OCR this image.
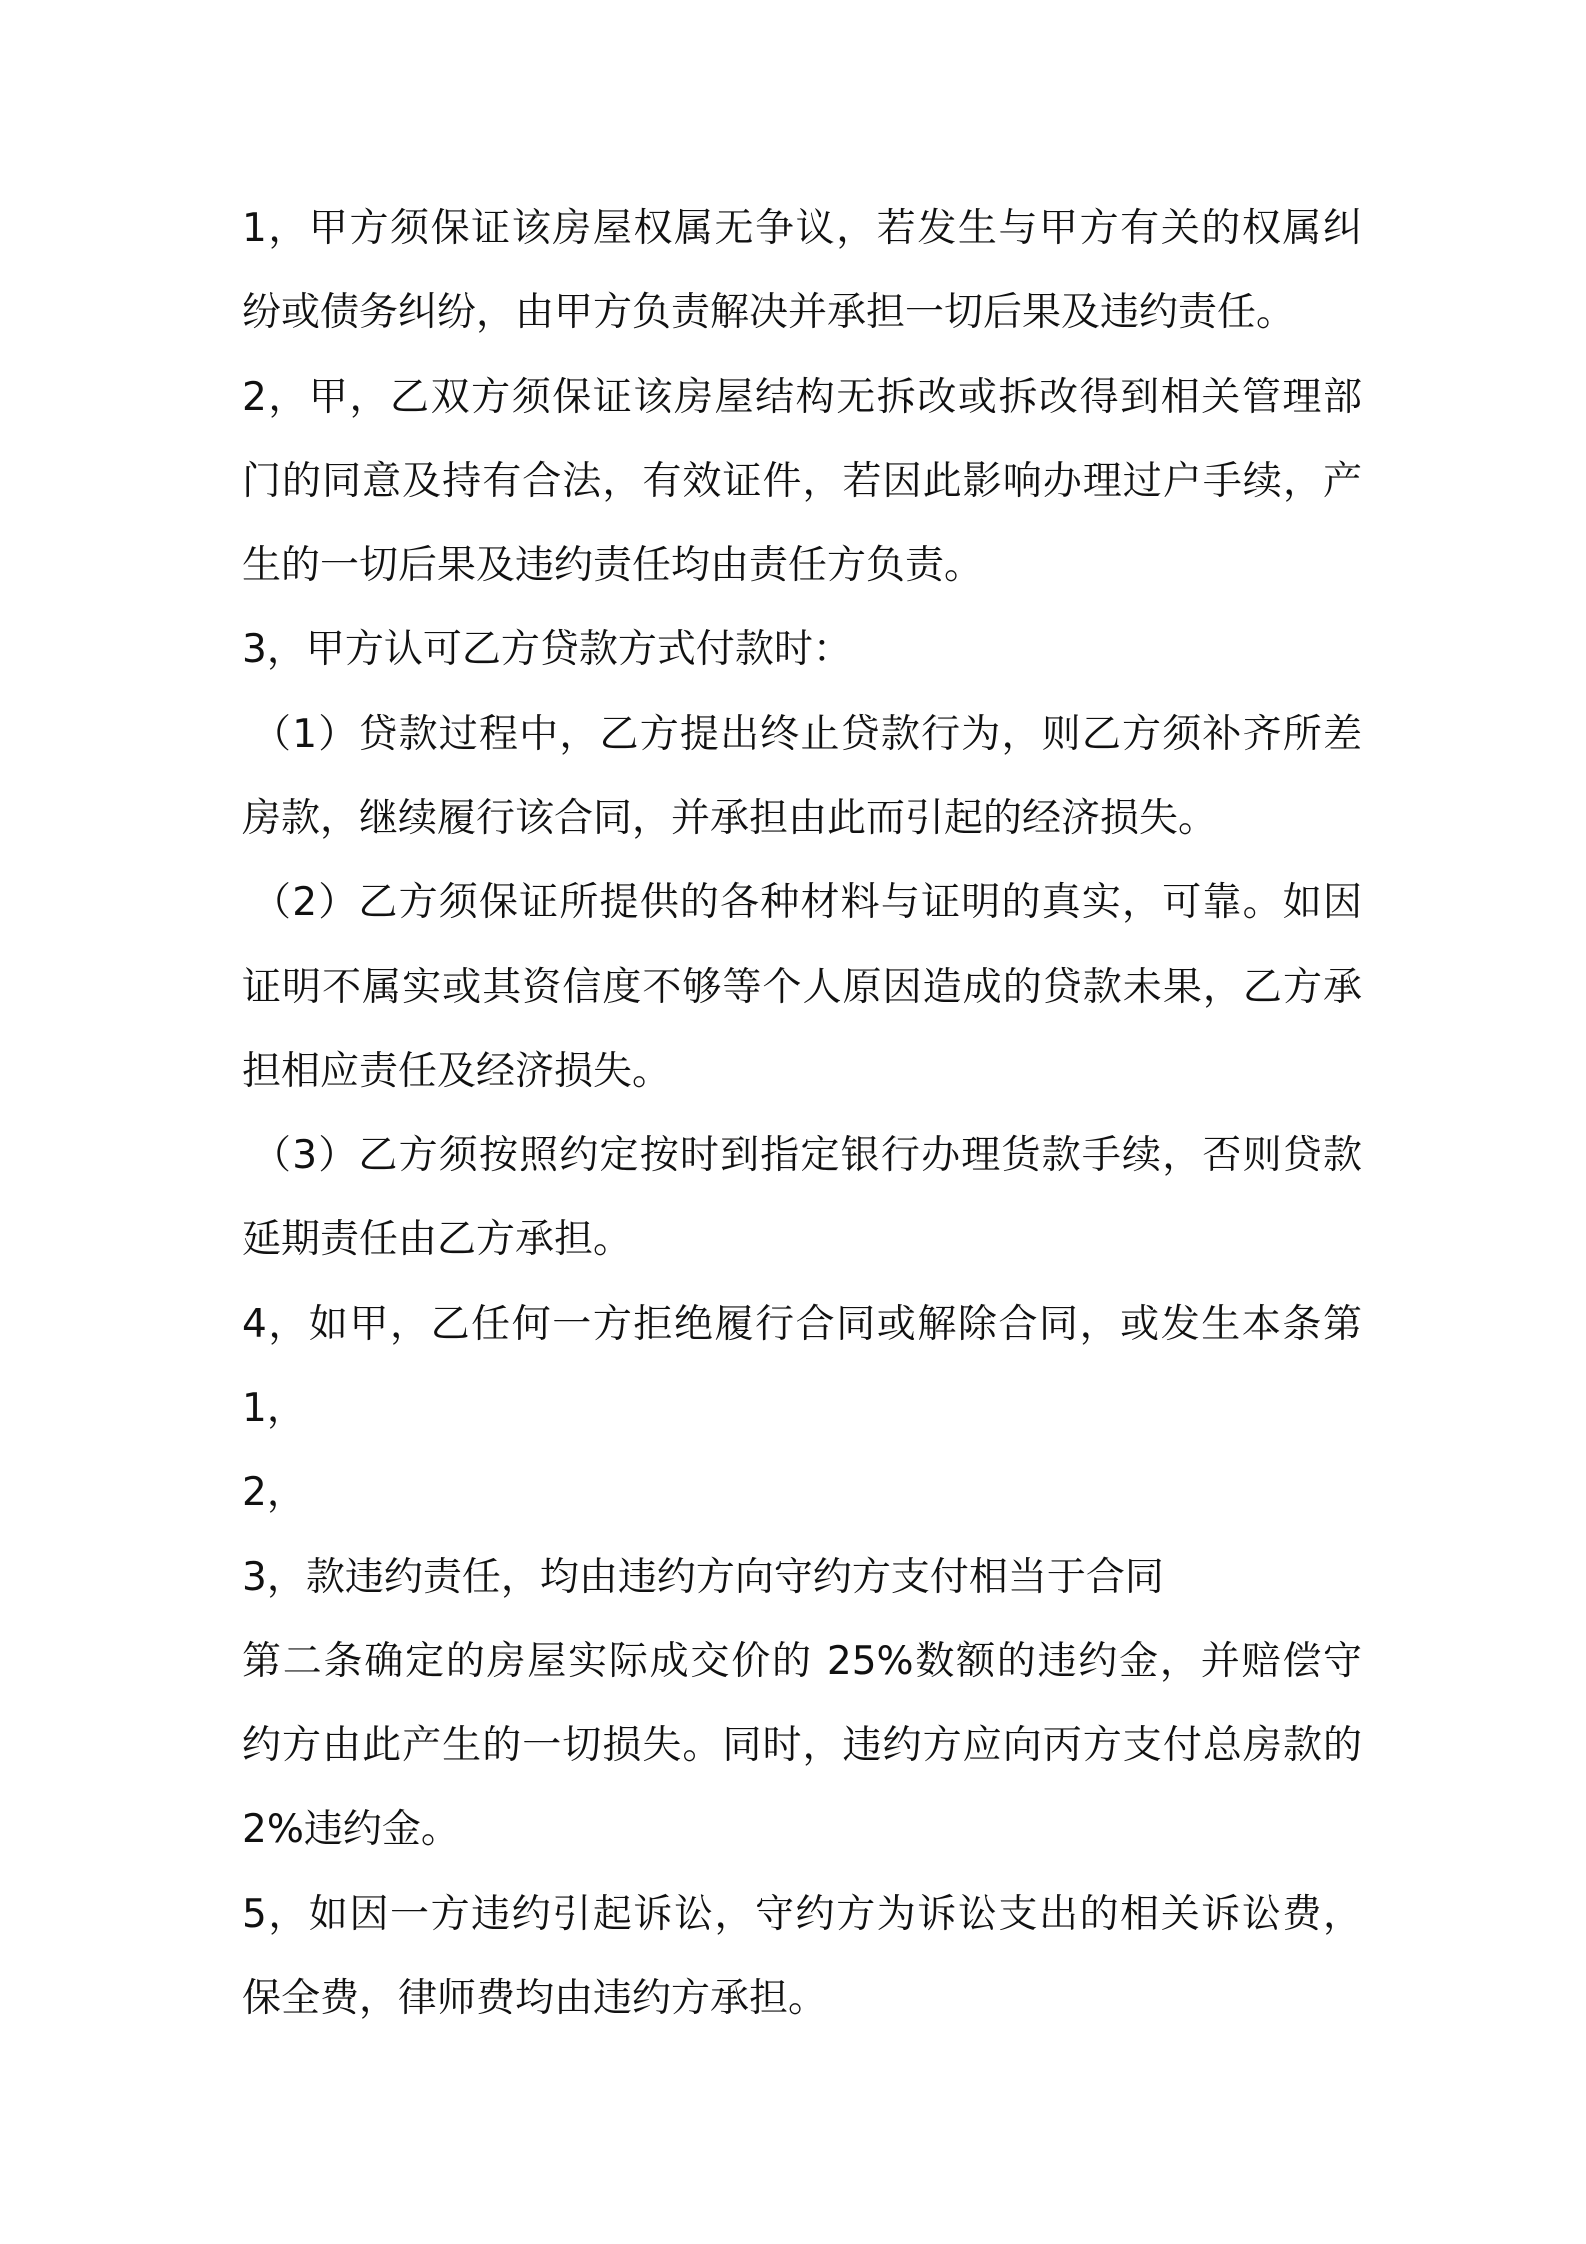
1，甲方须保证该房屋权属无争议，若发生与甲方有关的权属纠
纷或债务纠纷，由甲方负责解决并承担一切后果及违约责任。
2，甲，乙双方须保证该房屋结构无拆改或拆改得到相关管理部
门的同意及持有合法，有效证件，若因此影响办理过户手续，产
生的一切后果及违约责任均由责任方负责。
3，甲方认可乙方贷款方式付款时：
（1）贷款过程中，乙方提出终止贷款行为，则乙方须补齐所差
房款，继续履行该合同，并承担由此而引起的经济损失。
（2）乙方须保证所提供的各种材料与证明的真实，可靠。如因
证明不属实或其资信度不够等个人原因造成的贷款未果，乙方承
担相应责任及经济损失。
（3）乙方须按照约定按时到指定银行办理货款手续，否则贷款
延期责任由乙方承担。
4，如甲，乙任何一方拒绝履行合同或解除合同，或发生本条第
1，
2，
3，款违约责任，均由违约方向守约方支付相当于合同
第二条确定的房屋实际成交价的 25%数额的违约金，并赔偿守
约方由此产生的一切损失。同时，违约方应向丙方支付总房款的
2%违约金。
5，如因一方违约引起诉讼，守约方为诉讼支出的相关诉讼费，
保全费，律师费均由违约方承担。
